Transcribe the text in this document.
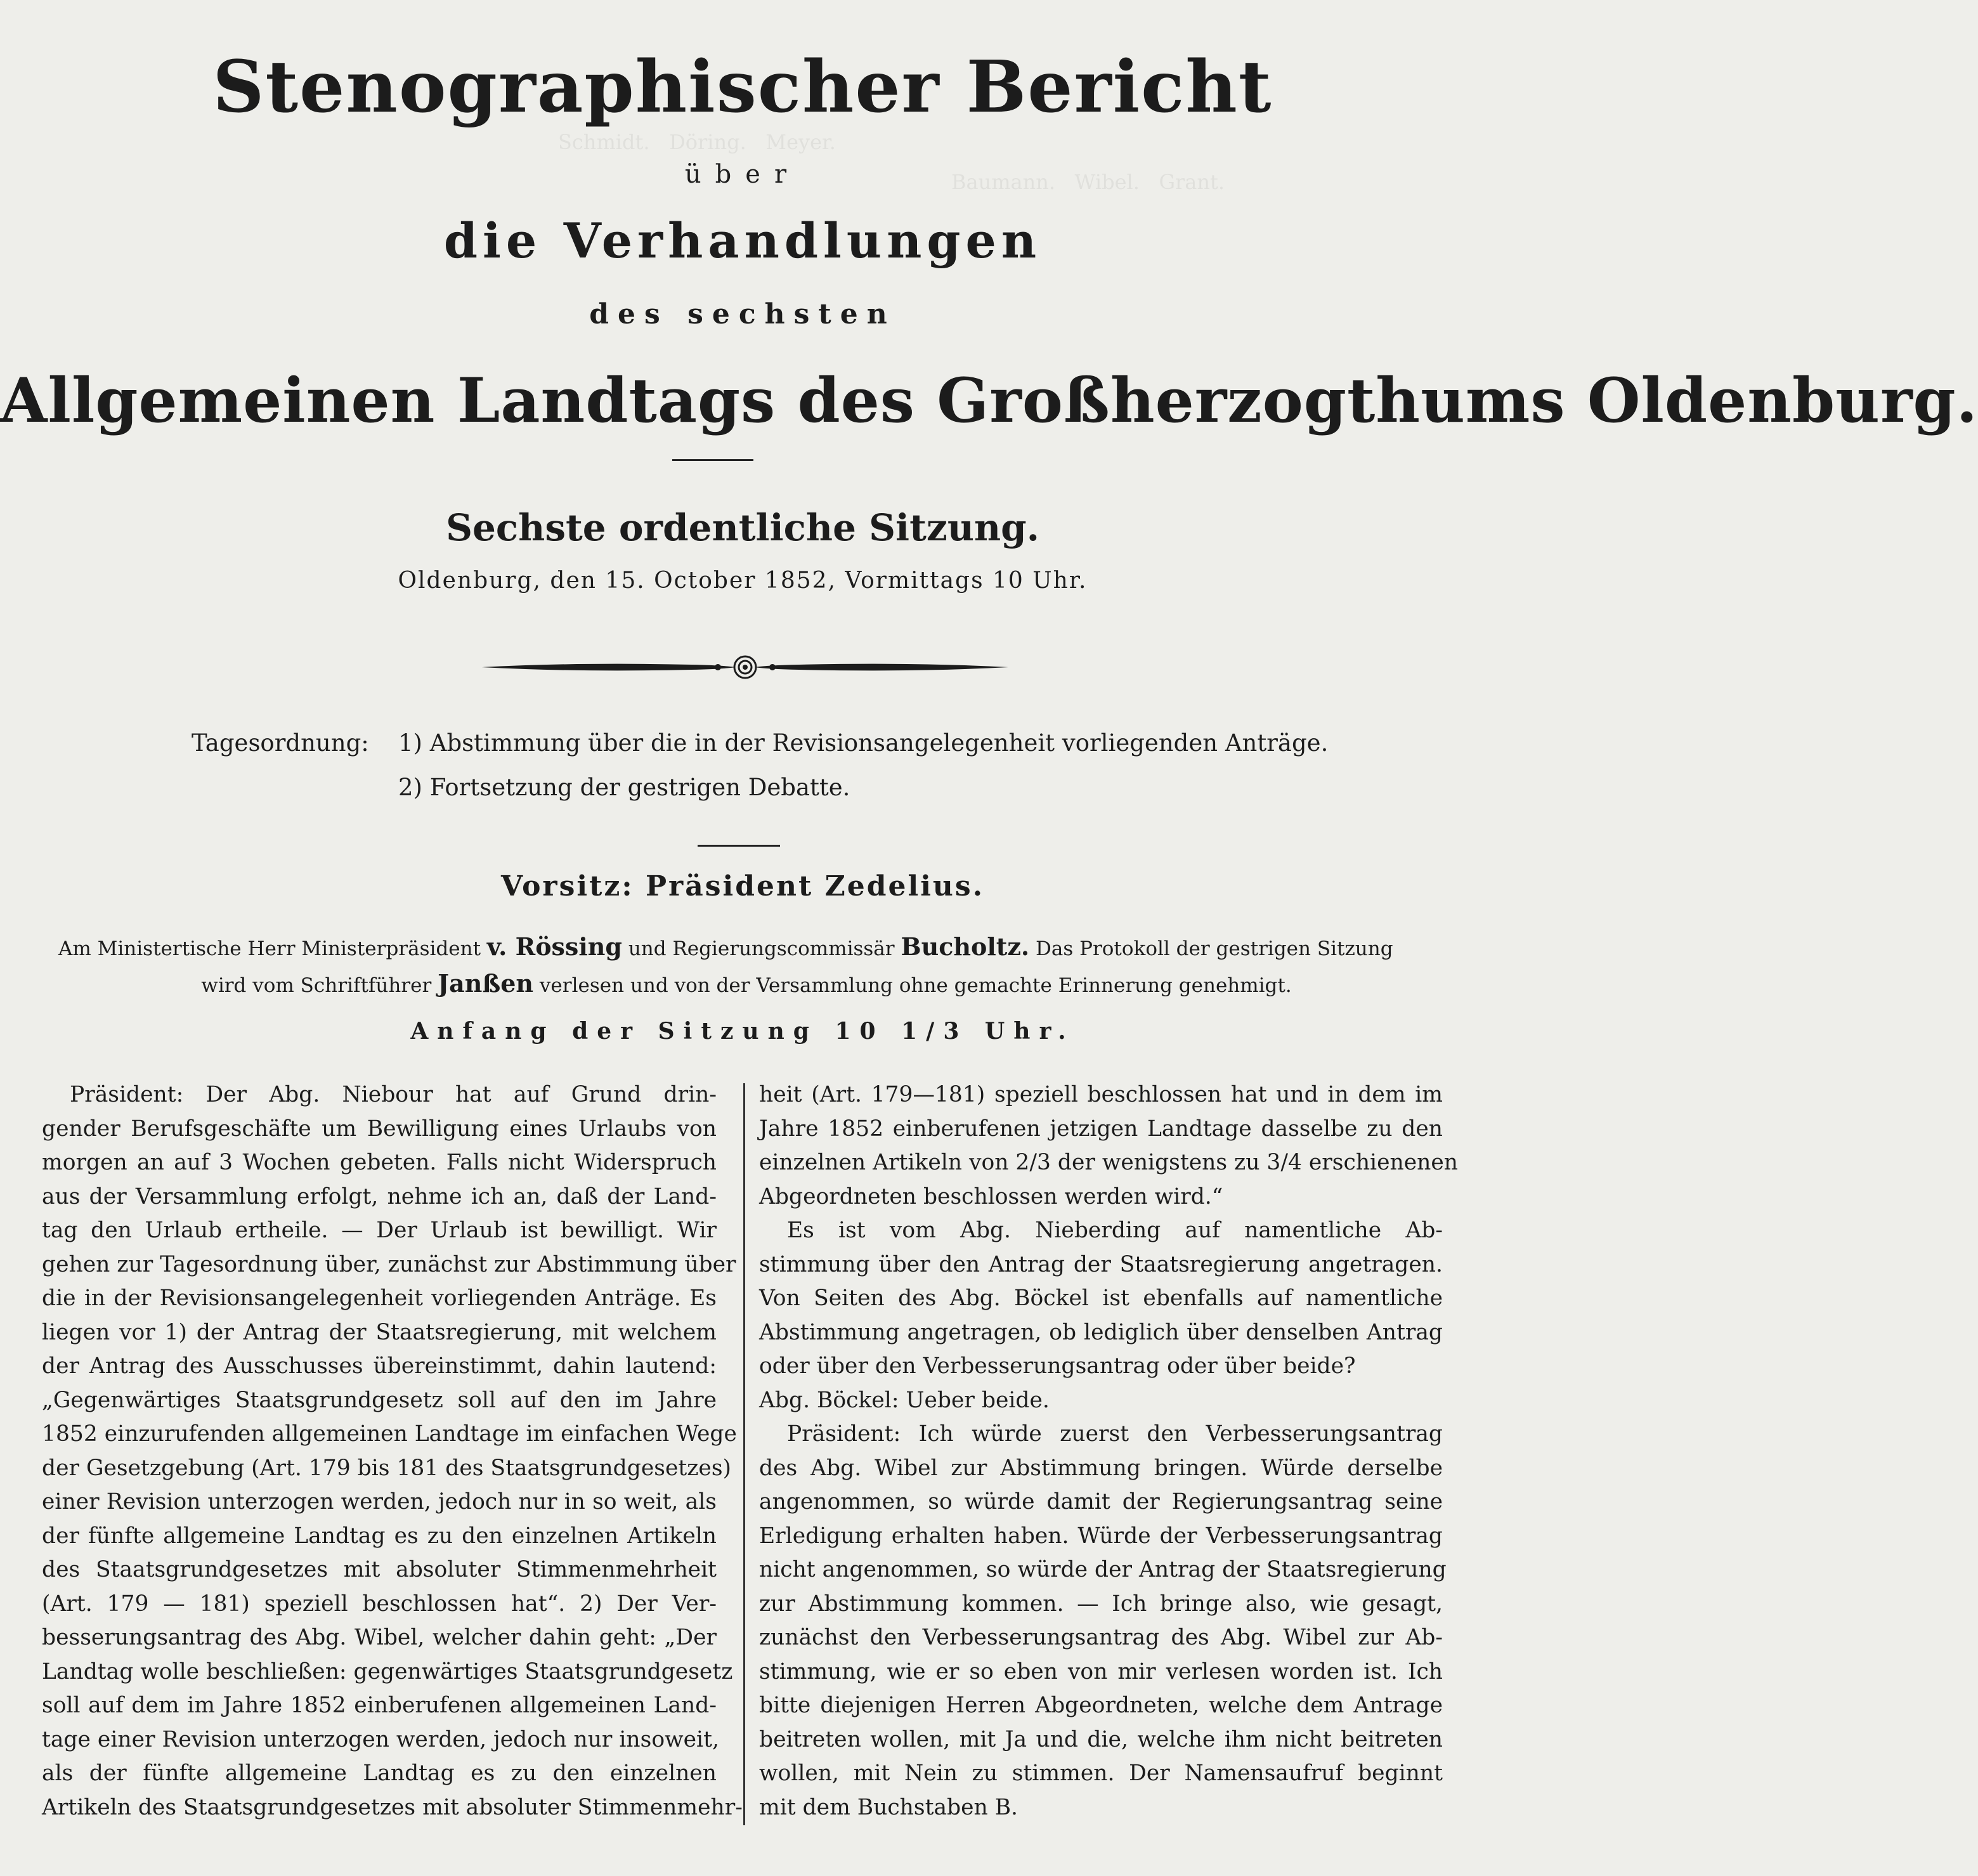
Schmidt.   Döring.   Meyer.
Baumann.   Wibel.   Grant.
Stenographischer Bericht
über
die Verhandlungen
des sechsten
Allgemeinen Landtags des Großherzogthums Oldenburg.
Sechste ordentliche Sitzung.
Oldenburg, den 15. October 1852, Vormittags 10 Uhr.
Tagesordnung: 1) Abstimmung über die in der Revisionsangelegenheit vorliegenden Anträge.
2) Fortsetzung der gestrigen Debatte.
Vorsitz: Präsident Zedelius.
Am Ministertische Herr Ministerpräsident v. Rössing und Regierungscommissär Bucholtz. Das Protokoll der gestrigen Sitzung
wird vom Schriftführer Janßen verlesen und von der Versammlung ohne gemachte Erinnerung genehmigt.
Anfang der Sitzung 10 1/3 Uhr.
Präsident: Der Abg. Niebour hat auf Grund drin-
gender Berufsgeschäfte um Bewilligung eines Urlaubs von
morgen an auf 3 Wochen gebeten. Falls nicht Widerspruch
aus der Versammlung erfolgt, nehme ich an, daß der Land-
tag den Urlaub ertheile. — Der Urlaub ist bewilligt. Wir
gehen zur Tagesordnung über, zunächst zur Abstimmung über
die in der Revisionsangelegenheit vorliegenden Anträge. Es
liegen vor 1) der Antrag der Staatsregierung, mit welchem
der Antrag des Ausschusses übereinstimmt, dahin lautend:
„Gegenwärtiges Staatsgrundgesetz soll auf den im Jahre
1852 einzurufenden allgemeinen Landtage im einfachen Wege
der Gesetzgebung (Art. 179 bis 181 des Staatsgrundgesetzes)
einer Revision unterzogen werden, jedoch nur in so weit, als
der fünfte allgemeine Landtag es zu den einzelnen Artikeln
des Staatsgrundgesetzes mit absoluter Stimmenmehrheit
(Art. 179 — 181) speziell beschlossen hat“. 2) Der Ver-
besserungsantrag des Abg. Wibel, welcher dahin geht: „Der
Landtag wolle beschließen: gegenwärtiges Staatsgrundgesetz
soll auf dem im Jahre 1852 einberufenen allgemeinen Land-
tage einer Revision unterzogen werden, jedoch nur insoweit,
als der fünfte allgemeine Landtag es zu den einzelnen
Artikeln des Staatsgrundgesetzes mit absoluter Stimmenmehr-
heit (Art. 179—181) speziell beschlossen hat und in dem im
Jahre 1852 einberufenen jetzigen Landtage dasselbe zu den
einzelnen Artikeln von 2/3 der wenigstens zu 3/4 erschienenen
Abgeordneten beschlossen werden wird.“
Es ist vom Abg. Nieberding auf namentliche Ab-
stimmung über den Antrag der Staatsregierung angetragen.
Von Seiten des Abg. Böckel ist ebenfalls auf namentliche
Abstimmung angetragen, ob lediglich über denselben Antrag
oder über den Verbesserungsantrag oder über beide?
Abg. Böckel: Ueber beide.
Präsident: Ich würde zuerst den Verbesserungsantrag
des Abg. Wibel zur Abstimmung bringen. Würde derselbe
angenommen, so würde damit der Regierungsantrag seine
Erledigung erhalten haben. Würde der Verbesserungsantrag
nicht angenommen, so würde der Antrag der Staatsregierung
zur Abstimmung kommen. — Ich bringe also, wie gesagt,
zunächst den Verbesserungsantrag des Abg. Wibel zur Ab-
stimmung, wie er so eben von mir verlesen worden ist. Ich
bitte diejenigen Herren Abgeordneten, welche dem Antrage
beitreten wollen, mit Ja und die, welche ihm nicht beitreten
wollen, mit Nein zu stimmen. Der Namensaufruf beginnt
mit dem Buchstaben B.
